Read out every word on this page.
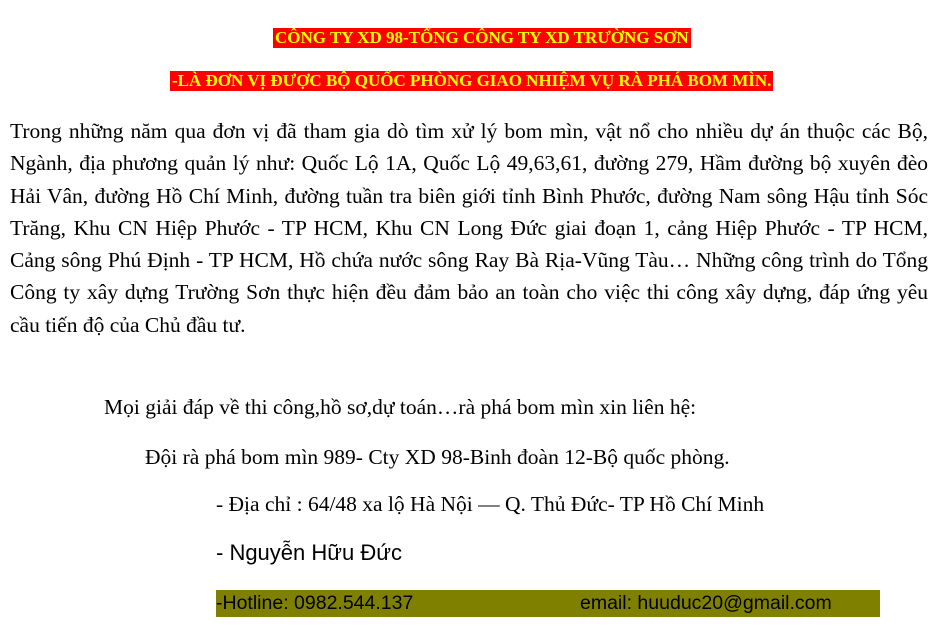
CÔNG TY XD 98-TỔNG CÔNG TY XD TRƯỜNG SƠN
-LÀ ĐƠN VỊ ĐƯỢC BỘ QUỐC PHÒNG GIAO NHIỆM VỤ RÀ PHÁ BOM MÌN.
Trong những năm qua đơn vị đã tham gia dò tìm xử lý bom mìn, vật nổ cho nhiều dự án thuộc các Bộ, Ngành, địa phương quản lý như: Quốc Lộ 1A, Quốc Lộ 49,63,61, đường 279, Hầm đường bộ xuyên đèo Hải Vân, đường Hồ Chí Minh, đường tuần tra biên giới tỉnh Bình Phước, đường Nam sông Hậu tỉnh Sóc Trăng, Khu CN Hiệp Phước - TP HCM, Khu CN Long Đức giai đoạn 1, cảng Hiệp Phước - TP HCM, Cảng sông Phú Định - TP HCM, Hồ chứa nước sông Ray Bà Rịa-Vũng Tàu… Những công trình do Tổng Công ty xây dựng Trường Sơn thực hiện đều đảm bảo an toàn cho việc thi công xây dựng, đáp ứng yêu cầu tiến độ của Chủ đầu tư.
Mọi giải đáp về thi công,hồ sơ,dự toán…rà phá bom mìn xin liên hệ:
Đội rà phá bom mìn 989- Cty XD 98-Binh đoàn 12-Bộ quốc phòng.
- Địa chỉ : 64/48 xa lộ Hà Nội — Q. Thủ Đức- TP Hồ Chí Minh
- Nguyễn Hữu Đức
-Hotline: 0982.544.137	email: huuduc20@gmail.com
